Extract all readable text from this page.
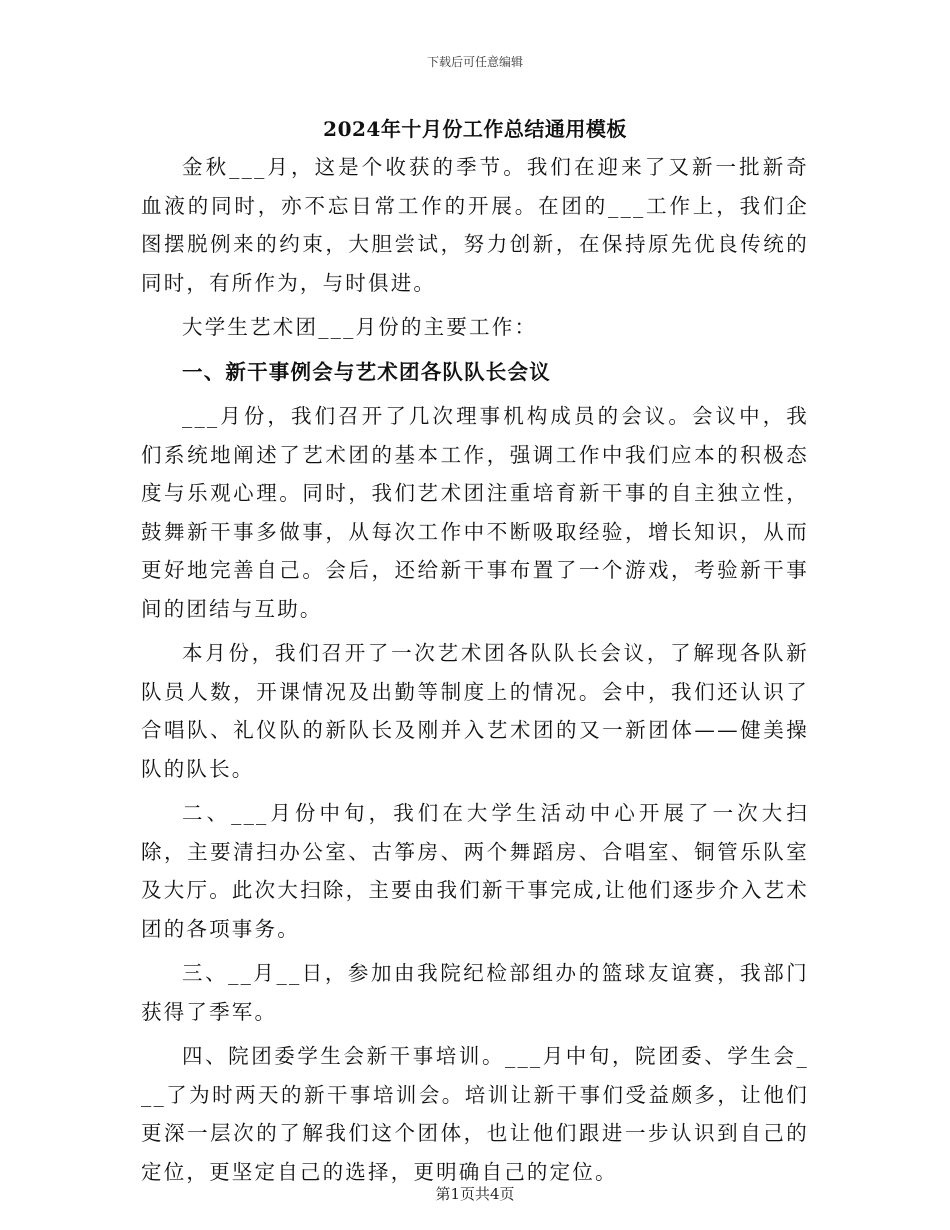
下载后可任意编辑
2024年十月份工作总结通用模板

金秋___月，这是个收获的季节。我们在迎来了又新一批新奇血液的同时，亦不忘日常工作的开展。在团的___工作上，我们企图摆脱例来的约束，大胆尝试，努力创新，在保持原先优良传统的同时，有所作为，与时俱进。

大学生艺术团___月份的主要工作：

一、新干事例会与艺术团各队队长会议

___月份，我们召开了几次理事机构成员的会议。会议中，我们系统地阐述了艺术团的基本工作，强调工作中我们应本的积极态度与乐观心理。同时，我们艺术团注重培育新干事的自主独立性，鼓舞新干事多做事，从每次工作中不断吸取经验，增长知识，从而更好地完善自己。会后，还给新干事布置了一个游戏，考验新干事间的团结与互助。

本月份，我们召开了一次艺术团各队队长会议，了解现各队新队员人数，开课情况及出勤等制度上的情况。会中，我们还认识了合唱队、礼仪队的新队长及刚并入艺术团的又一新团体——健美操队的队长。

二、___月份中旬，我们在大学生活动中心开展了一次大扫除，主要清扫办公室、古筝房、两个舞蹈房、合唱室、铜管乐队室及大厅。此次大扫除，主要由我们新干事完成,让他们逐步介入艺术团的各项事务。

三、__月__日，参加由我院纪检部组办的篮球友谊赛，我部门获得了季军。

四、院团委学生会新干事培训。___月中旬，院团委、学生会___了为时两天的新干事培训会。培训让新干事们受益颇多，让他们更深一层次的了解我们这个团体，也让他们跟进一步认识到自己的定位，更坚定自己的选择，更明确自己的定位。

第1页共4页
